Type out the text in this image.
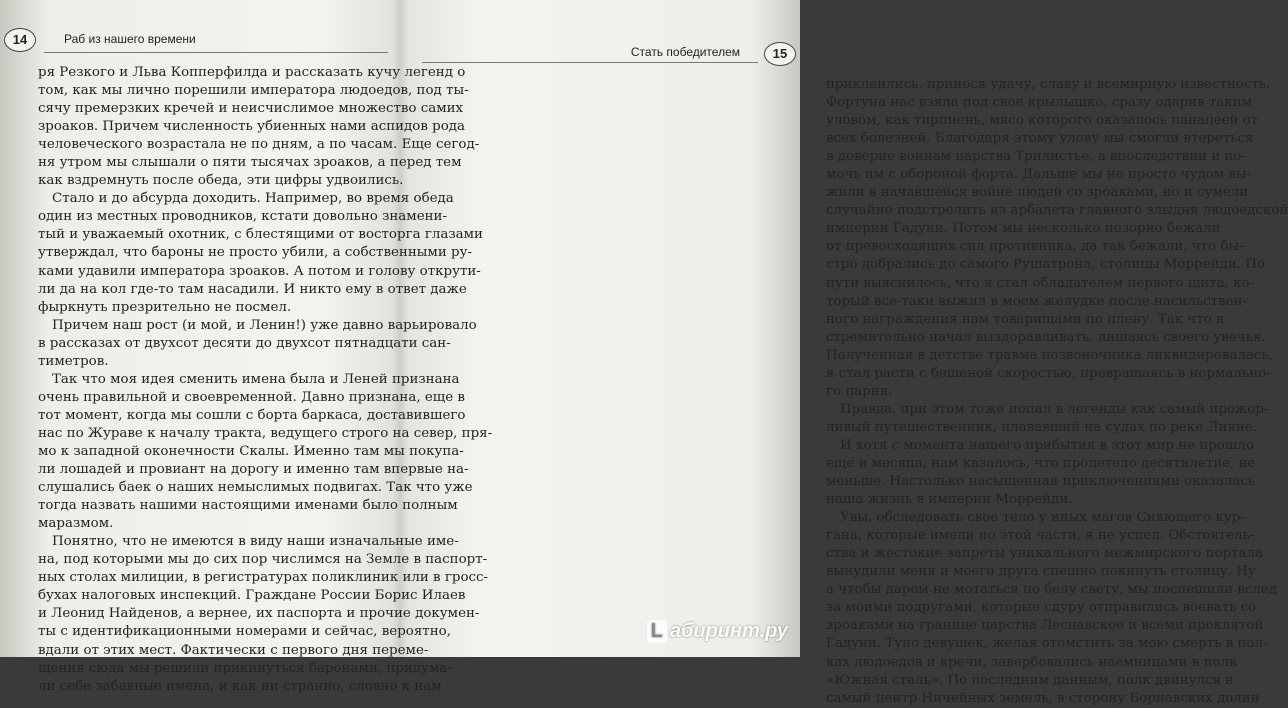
14	Раб из нашего времени
ря Резкого и Льва Копперфилда и рассказать кучу легенд о
том, как мы лично порешили императора людоедов, под ты-
сячу премерзких кречей и неисчислимое множество самих
зроаков. Причем численность убиенных нами аспидов рода
человеческого возрастала не по дням, а по часам. Еще сегод-
ня утром мы слышали о пяти тысячах зроаков, а перед тем
как вздремнуть после обеда, эти цифры удвоились.
Стало и до абсурда доходить. Например, во время обеда
один из местных проводников, кстати довольно знамени-
тый и уважаемый охотник, с блестящими от восторга глазами
утверждал, что бароны не просто убили, а собственными ру-
ками удавили императора зроаков. А потом и голову открути-
ли да на кол где-то там насадили. И никто ему в ответ даже
фыркнуть презрительно не посмел.
Причем наш рост (и мой, и Ленин!) уже давно варьировало
в рассказах от двухсот десяти до двухсот пятнадцати сан-
тиметров.
Так что моя идея сменить имена была и Леней признана
очень правильной и своевременной. Давно признана, еще в
тот момент, когда мы сошли с борта баркаса, доставившего
нас по Жураве к началу тракта, ведущего строго на север, пря-
мо к западной оконечности Скалы. Именно там мы покупа-
ли лошадей и провиант на дорогу и именно там впервые на-
слушались баек о наших немыслимых подвигах. Так что уже
тогда назвать нашими настоящими именами было полным
маразмом.
Понятно, что не имеются в виду наши изначальные име-
на, под которыми мы до сих пор числимся на Земле в паспорт-
ных столах милиции, в регистратурах поликлиник или в гросс-
бухах налоговых инспекций. Граждане России Борис Илаев
и Леонид Найденов, а вернее, их паспорта и прочие докумен-
ты с идентификационными номерами и сейчас, вероятно,
вдали от этих мест. Фактически с первого дня переме-
щения сюда мы решили прикинуться баронами, придума-
ли себе забавные имена, и как ни странно, словно к нам
Стать победителем	15
приклеились, принося удачу, славу и всемирную известность.
Фортуна нас взяла под свое крылышко, сразу одарив таким
уловом, как тирпиень, мясо которого оказалось панацеей от
всех болезней. Благодаря этому улову мы смогли втереться
в доверие воинам царства Трилистье, а впоследствии и по-
мочь им с обороной форта. Дальше мы не просто чудом вы-
жили в начавшейся войне людей со зроаками, но и сумели
случайно подстрелить из арбалета главного злыдня людоедской
империи Гадуни. Потом мы несколько позорно бежали
от превосходящих сил противника, да так бежали, что бы-
стро добрались до самого Рушатрона, столицы Моррейди. По
пути выяснилось, что я стал обладателем первого щита, ко-
торый все-таки выжил в моем желудке после насильствен-
ного награждения нам товарищами по плену. Так что я
стремительно начал выздоравливать, лишаясь своего увечья.
Полученная в детстве травма позвоночника ликвидировалась,
я стал расти с бешеной скоростью, превращаясь в нормально-
го парня.
Правда, при этом тоже попал в легенды как самый прожор-
ливый путешественник, плававший на судах по реке Лияне.
И хотя с момента нашего прибытия в этот мир не прошло
еще и месяца, нам казалось, что пролетело десятилетие, не
меньше. Настолько насыщенная приключениями оказалась
наша жизнь в империи Моррейди.
Увы, обследовать свое тело у иных магов Сияющего кур-
гана, которые имели по этой части, я не успел. Обстоятель-
ства и жестокие запреты уникального межмирского портала
вынудили меня и моего друга спешно покинуть столицу. Ну
а чтобы даром не мотаться по белу свету, мы поспешили вслед
за моими подругами, которые сдуру отправились воевать со
зроаками на границе царства Леснавское и всеми проклятой
Гадуни. Тупо девушек, желая отомстить за мою смерть в пол-
ках людоедов и кречи, завербовались наемницами в полк
«Южная сталь». По последним данным, полк двинулся в
самый центр Ничейных земель, в сторону Борнавских долин
L абиринт.ру
